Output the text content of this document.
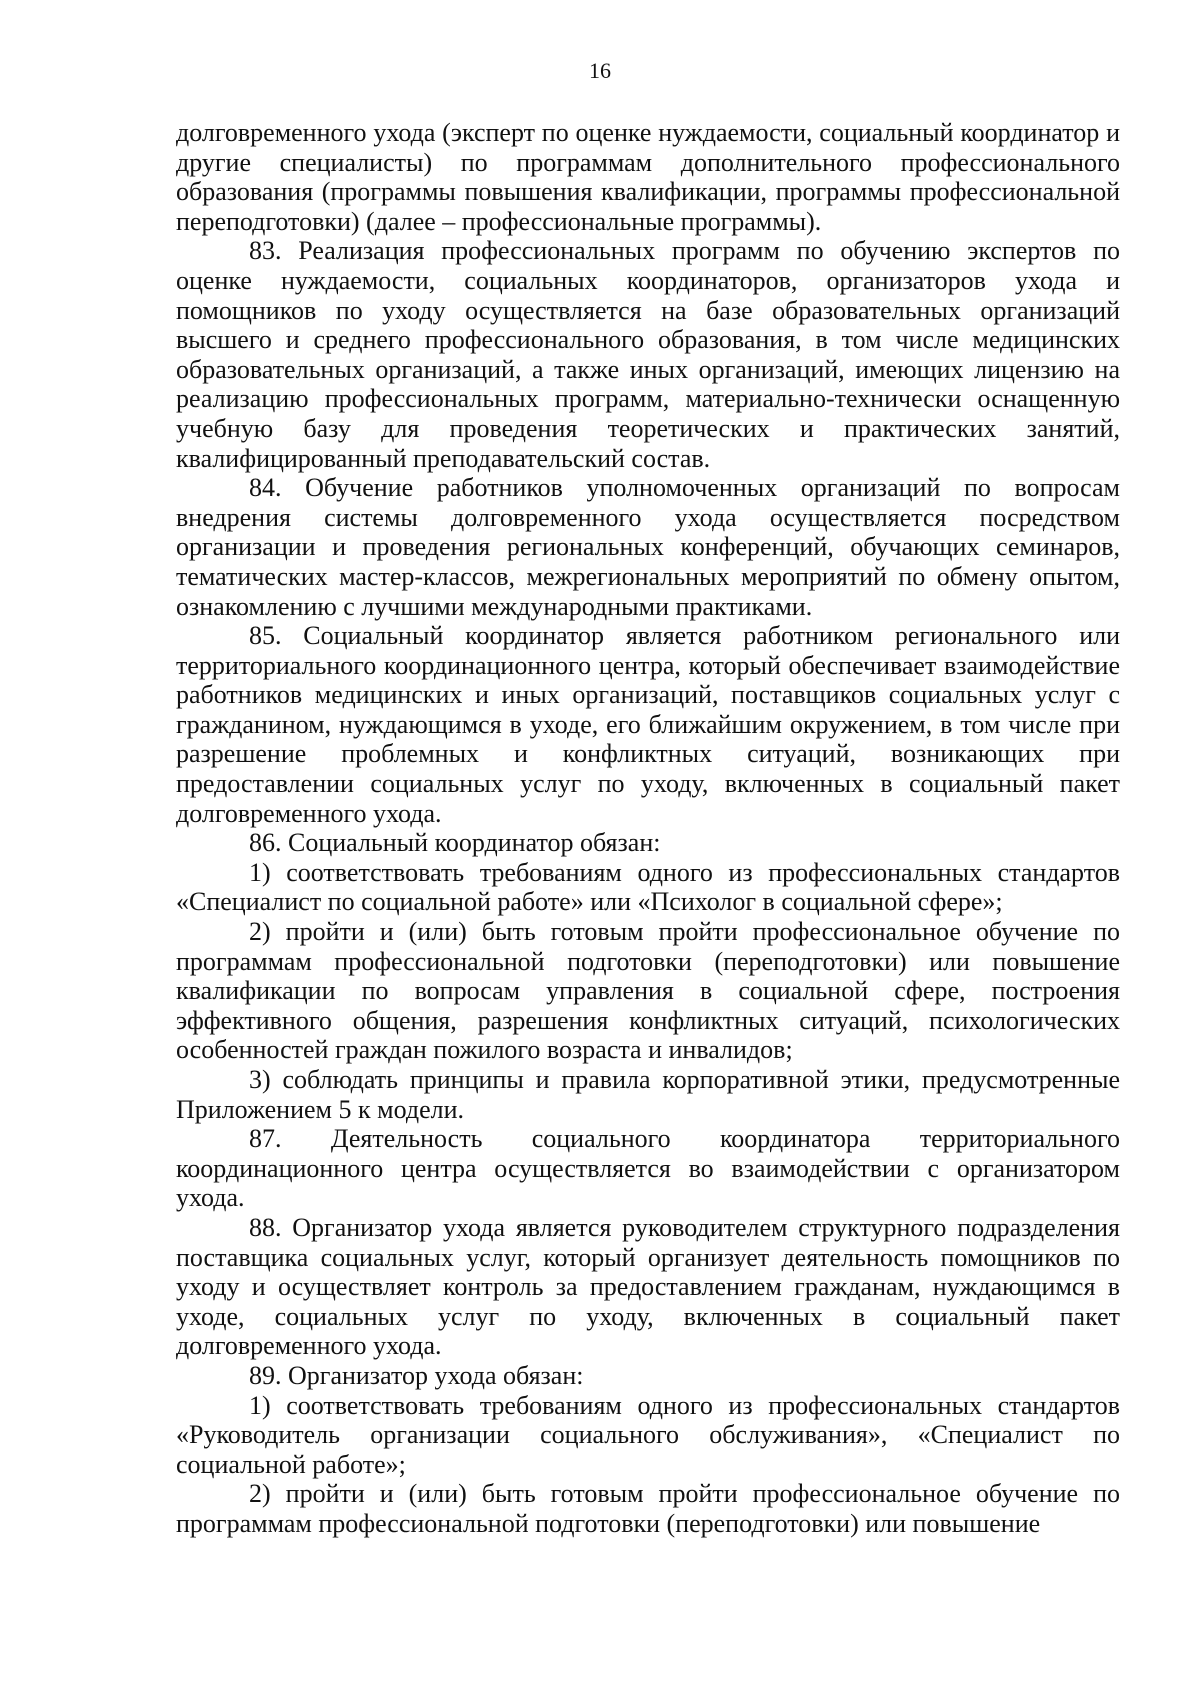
16

долговременного ухода (эксперт по оценке нуждаемости, социальный координатор и другие специалисты) по программам дополнительного профессионального образования (программы повышения квалификации, программы профессиональной переподготовки) (далее – профессиональные программы).

83. Реализация профессиональных программ по обучению экспертов по оценке нуждаемости, социальных координаторов, организаторов ухода и помощников по уходу осуществляется на базе образовательных организаций высшего и среднего профессионального образования, в том числе медицинских образовательных организаций, а также иных организаций, имеющих лицензию на реализацию профессиональных программ, материально-технически оснащенную учебную базу для проведения теоретических и практических занятий, квалифицированный преподавательский состав.

84. Обучение работников уполномоченных организаций по вопросам внедрения системы долговременного ухода осуществляется посредством организации и проведения региональных конференций, обучающих семинаров, тематических мастер-классов, межрегиональных мероприятий по обмену опытом, ознакомлению с лучшими международными практиками.

85. Социальный координатор является работником регионального или территориального координационного центра, который обеспечивает взаимодействие работников медицинских и иных организаций, поставщиков социальных услуг с гражданином, нуждающимся в уходе, его ближайшим окружением, в том числе при разрешение проблемных и конфликтных ситуаций, возникающих при предоставлении социальных услуг по уходу, включенных в социальный пакет долговременного ухода.

86. Социальный координатор обязан:

1) соответствовать требованиям одного из профессиональных стандартов «Специалист по социальной работе» или «Психолог в социальной сфере»;

2) пройти и (или) быть готовым пройти профессиональное обучение по программам профессиональной подготовки (переподготовки) или повышение квалификации по вопросам управления в социальной сфере, построения эффективного общения, разрешения конфликтных ситуаций, психологических особенностей граждан пожилого возраста и инвалидов;

3) соблюдать принципы и правила корпоративной этики, предусмотренные Приложением 5 к модели.

87. Деятельность социального координатора территориального координационного центра осуществляется во взаимодействии с организатором ухода.

88. Организатор ухода является руководителем структурного подразделения поставщика социальных услуг, который организует деятельность помощников по уходу и осуществляет контроль за предоставлением гражданам, нуждающимся в уходе, социальных услуг по уходу, включенных в социальный пакет долговременного ухода.

89. Организатор ухода обязан:

1) соответствовать требованиям одного из профессиональных стандартов «Руководитель организации социального обслуживания», «Специалист по социальной работе»;

2) пройти и (или) быть готовым пройти профессиональное обучение по программам профессиональной подготовки (переподготовки) или повышение
